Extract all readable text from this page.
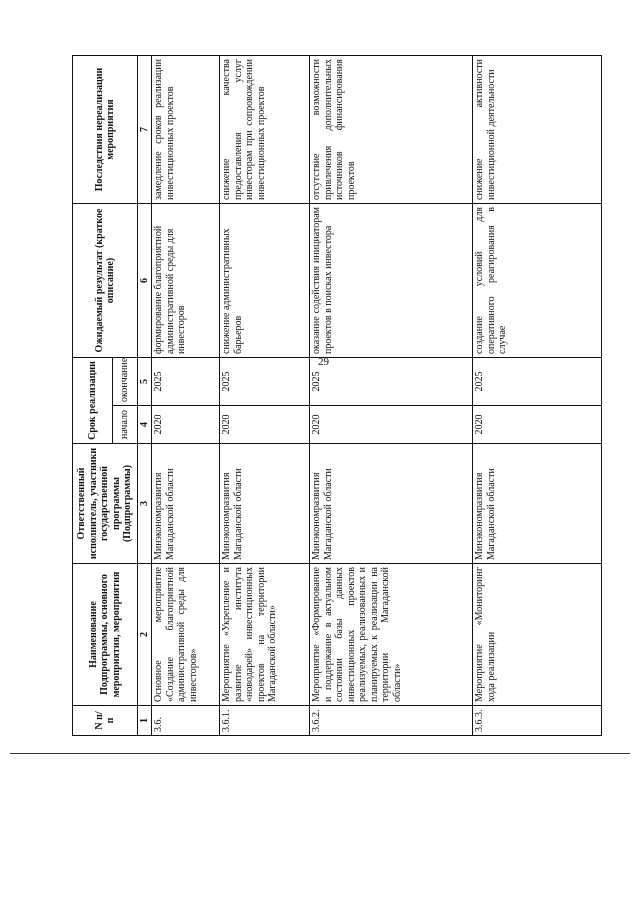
29
N п/п	Наименование Подпрограммы, основного мероприятия, мероприятия	Ответственный исполнитель, участники государственной программы (Подпрограммы)	Срок реализации		Ожидаемый результат (краткое описание)	Последствия нереализации мероприятия
			начало	окончание		
1	2	3	4	5	6	7
3.6.	Основное мероприятие «Создание благоприятной административной среды для инвесторов»	Минэкономразвития Магаданской области	2020	2025	формирование благоприятной административной среды для инвесторов	замедление сроков реализации инвестиционных проектов
3.6.1.	Мероприятие «Укрепление и развитие института «новодарей» инвестиционных проектов на территории Магаданской области»	Минэкономразвития Магаданской области	2020	2025	снижение административных барьеров	снижение качества предоставления услуг инвесторам при сопровождении инвестиционных проектов
3.6.2.	Мероприятие «Формирование и поддержание в актуальном состоянии базы данных инвестиционных проектов реализуемых, реализованных и планируемых к реализации на территории Магаданской области»	Минэкономразвития Магаданской области	2020	2025	оказание содействия инициаторам проектов в поисках инвестора	отсутствие возможности привлечения дополнительных источников финансирования проектов
3.6.3.	Мероприятие «Мониторинг хода реализации	Минэкономразвития Магаданской области	2020	2025	создание условий для оперативного реагирования в случае	снижение активности инвестиционной деятельности
